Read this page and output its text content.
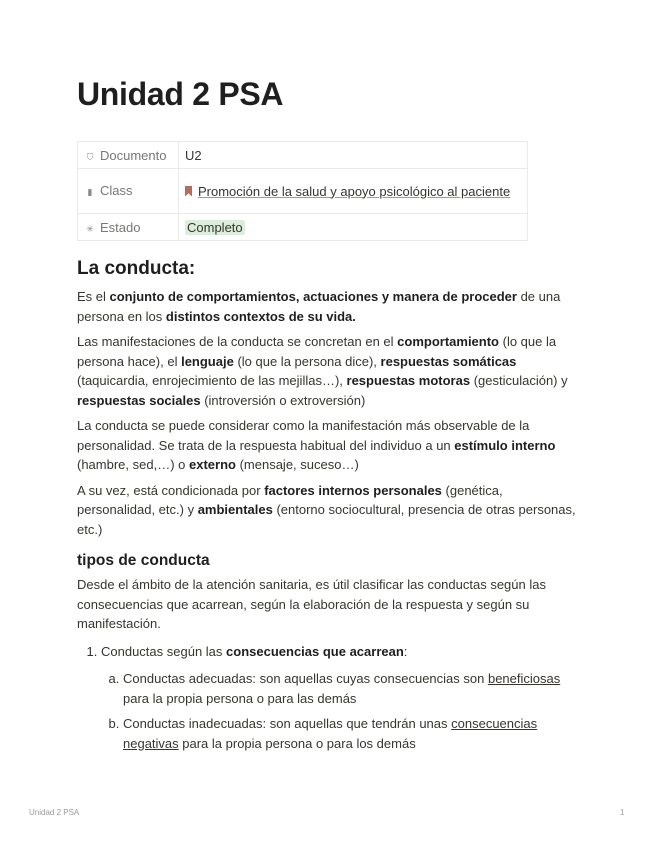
Unidad 2 PSA
⛉ Documento	U2
▮ Class	Promoción de la salud y apoyo psicológico al paciente
✳ Estado	Completo
La conducta:

Es el conjunto de comportamientos, actuaciones y manera de proceder de una persona en los distintos contextos de su vida.

Las manifestaciones de la conducta se concretan en el comportamiento (lo que la persona hace), el lenguaje (lo que la persona dice), respuestas somáticas (taquicardia, enrojecimiento de las mejillas…), respuestas motoras (gesticulación) y respuestas sociales (introversión o extroversión)

La conducta se puede considerar como la manifestación más observable de la personalidad. Se trata de la respuesta habitual del individuo a un estímulo interno (hambre, sed,…) o externo (mensaje, suceso…)

A su vez, está condicionada por factores internos personales (genética, personalidad, etc.) y ambientales (entorno sociocultural, presencia de otras personas, etc.)

tipos de conducta

Desde el ámbito de la atención sanitaria, es útil clasificar las conductas según las consecuencias que acarrean, según la elaboración de la respuesta y según su manifestación.

1. Conductas según las consecuencias que acarrean:
a. Conductas adecuadas: son aquellas cuyas consecuencias son beneficiosas para la propia persona o para las demás
b. Conductas inadecuadas: son aquellas que tendrán unas consecuencias negativas para la propia persona o para los demás
Unidad 2 PSA	1
